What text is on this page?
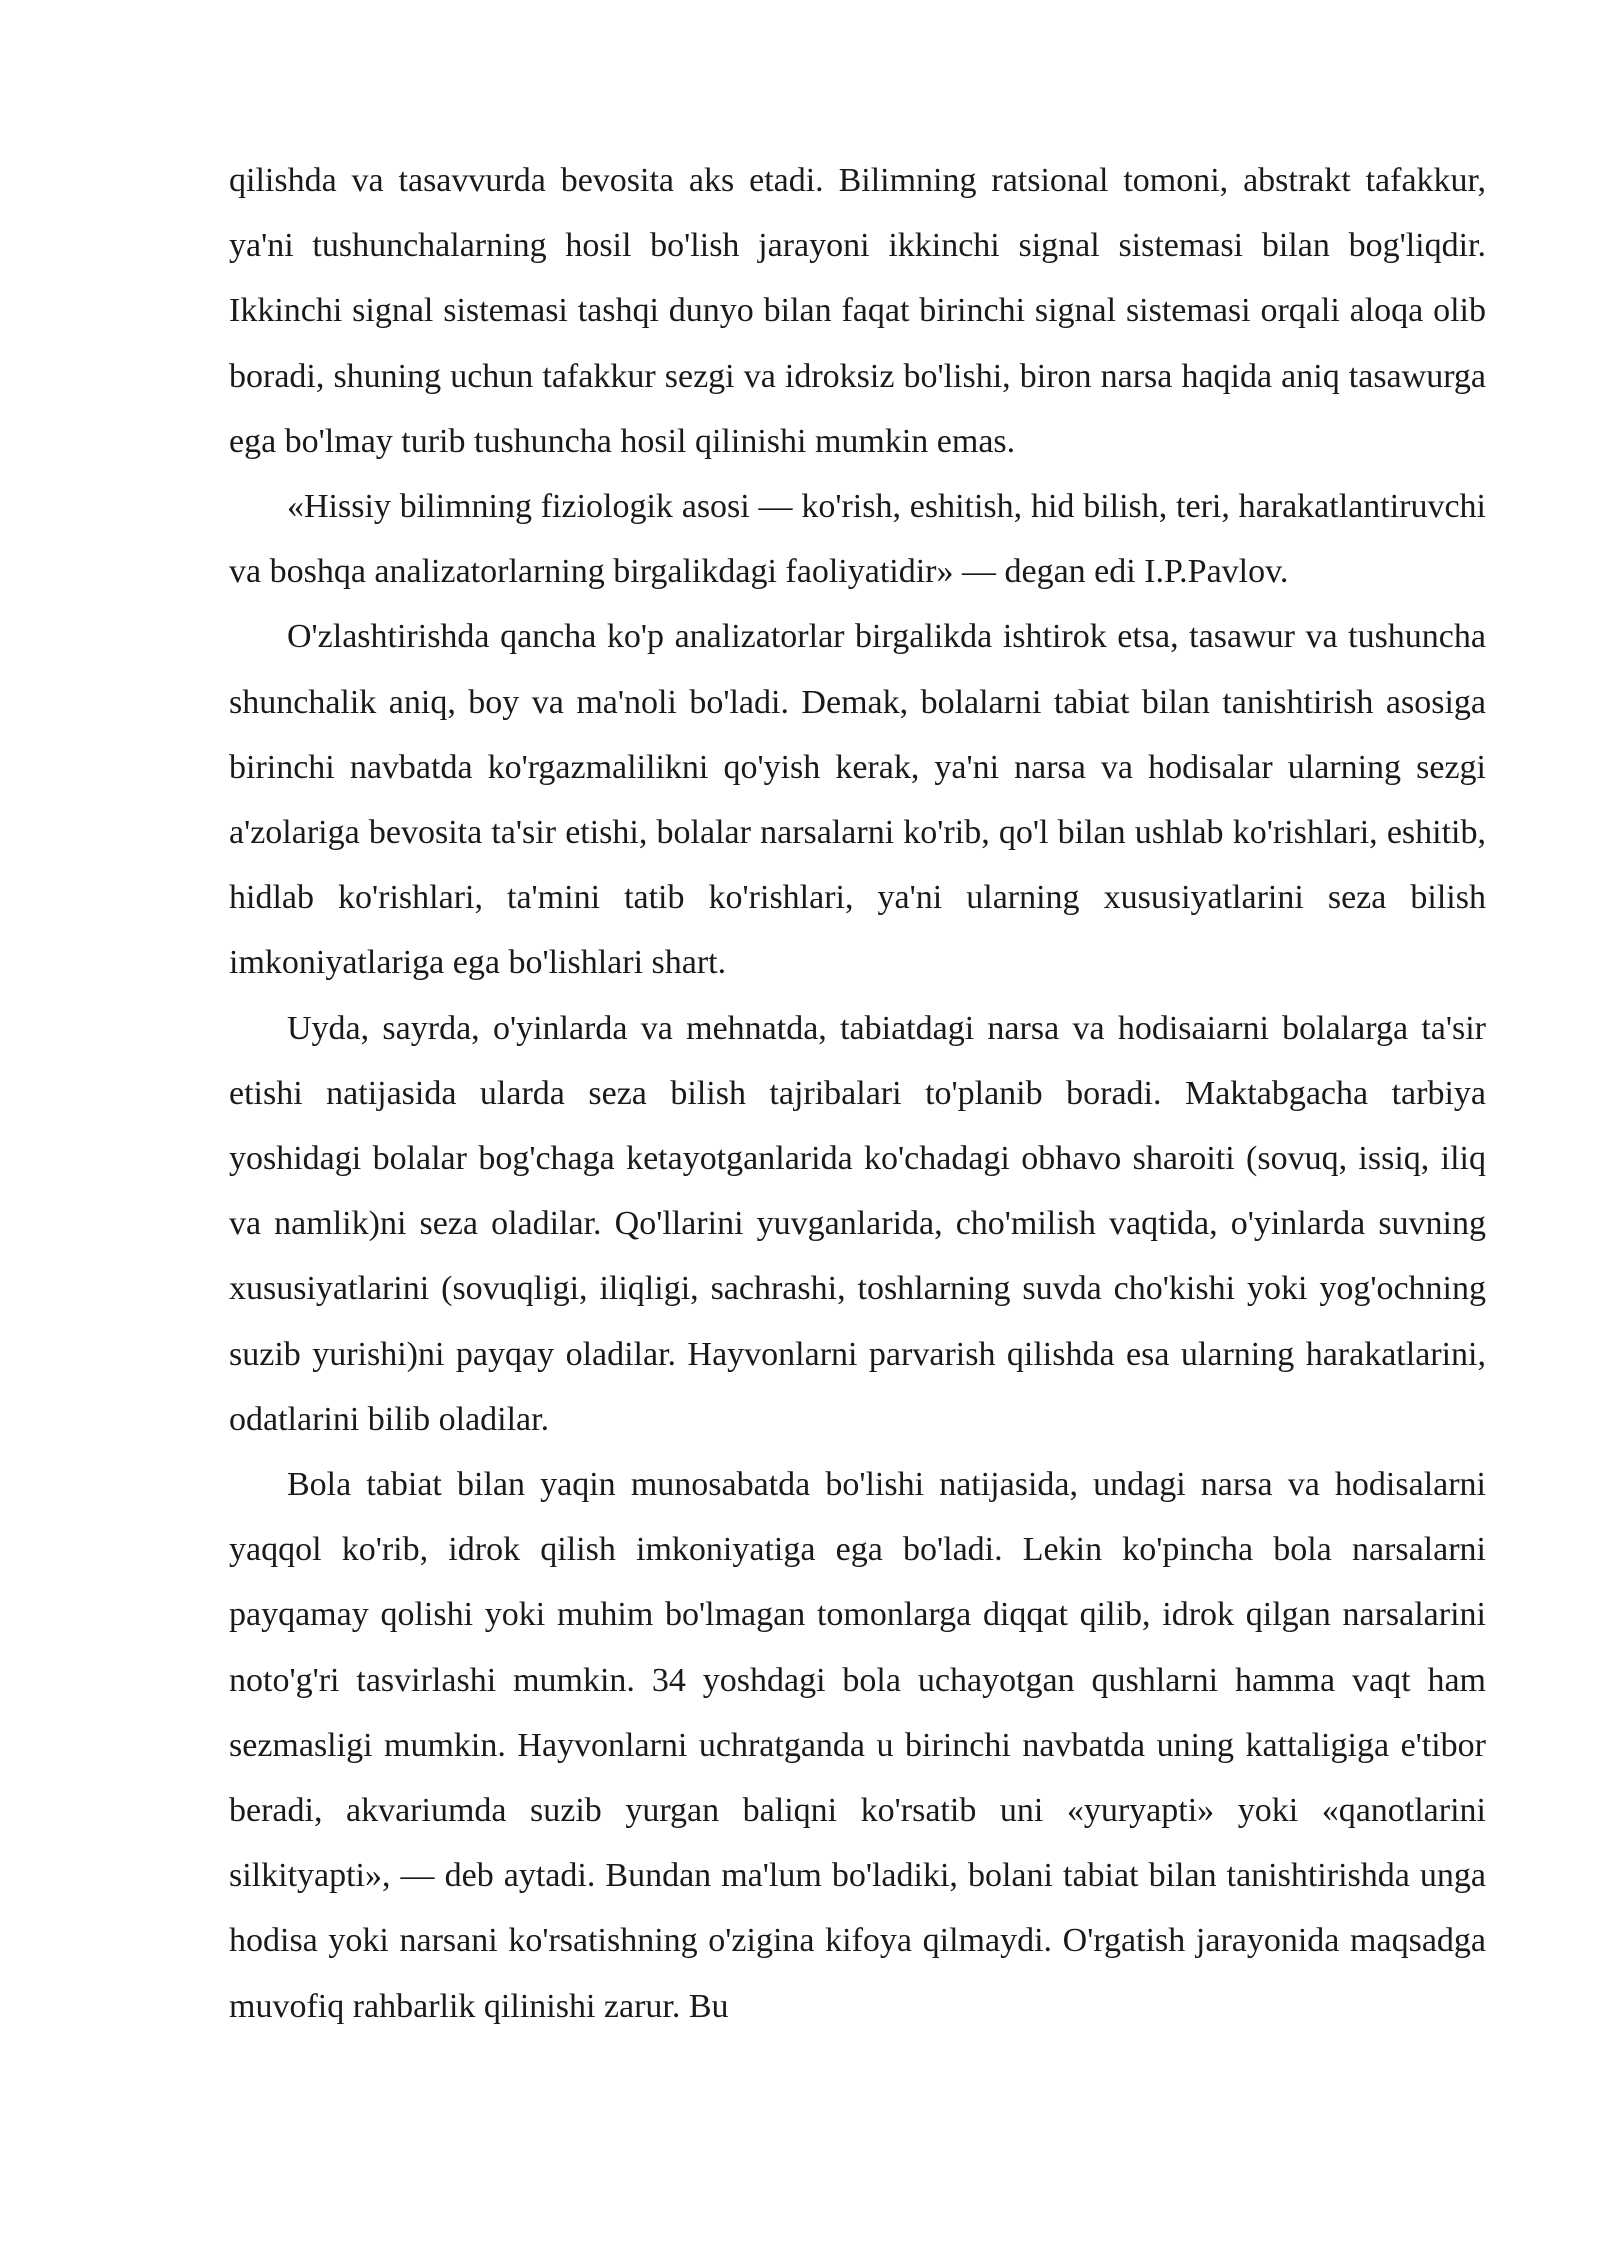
qilishda va tasavvurda bevosita aks etadi. Bilimning ratsional tomoni, abstrakt tafakkur, ya'ni tushunchalarning hosil bo'lish jarayoni ikkinchi signal sistemasi bilan bog'liqdir. Ikkinchi signal sistemasi tashqi dunyo bilan faqat birinchi signal sistemasi orqali aloqa olib boradi, shuning uchun tafakkur sezgi va idroksiz bo'lishi, biron narsa haqida aniq tasawurga ega bo'lmay turib tushuncha hosil qilinishi mumkin emas.

«Hissiy bilimning fiziologik asosi — ko'rish, eshitish, hid bilish, teri, harakatlantiruvchi va boshqa analizatorlarning birgalikdagi faoliyatidir» — degan edi I.P.Pavlov.

O'zlashtirishda qancha ko'p analizatorlar birgalikda ishtirok etsa, tasawur va tushuncha shunchalik aniq, boy va ma'noli bo'ladi. Demak, bolalarni tabiat bilan tanishtirish asosiga birinchi navbatda ko'rgazmalilikni qo'yish kerak, ya'ni narsa va hodisalar ularning sezgi a'zolariga bevosita ta'sir etishi, bolalar narsalarni ko'rib, qo'l bilan ushlab ko'rishlari, eshitib, hidlab ko'rishlari, ta'mini tatib ko'rishlari, ya'ni ularning xususiyatlarini seza bilish imkoniyatlariga ega bo'lishlari shart.

Uyda, sayrda, o'yinlarda va mehnatda, tabiatdagi narsa va hodisaiarni bolalarga ta'sir etishi natijasida ularda seza bilish tajribalari to'planib boradi. Maktabgacha tarbiya yoshidagi bolalar bog'chaga ketayotganlarida ko'chadagi obhavo sharoiti (sovuq, issiq, iliq va namlik)ni seza oladilar. Qo'llarini yuvganlarida, cho'milish vaqtida, o'yinlarda suvning xususiyatlarini (sovuqligi, iliqligi, sachrashi, toshlarning suvda cho'kishi yoki yog'ochning suzib yurishi)ni payqay oladilar. Hayvonlarni parvarish qilishda esa ularning harakatlarini, odatlarini bilib oladilar.

Bola tabiat bilan yaqin munosabatda bo'lishi natijasida, undagi narsa va hodisalarni yaqqol ko'rib, idrok qilish imkoniyatiga ega bo'ladi. Lekin ko'pincha bola narsalarni payqamay qolishi yoki muhim bo'lmagan tomonlarga diqqat qilib, idrok qilgan narsalarini noto'g'ri tasvirlashi mumkin. 34 yoshdagi bola uchayotgan qushlarni hamma vaqt ham sezmasligi mumkin. Hayvonlarni uchratganda u birinchi navbatda uning kattaligiga e'tibor beradi, akvariumda suzib yurgan baliqni ko'rsatib uni «yuryapti» yoki «qanotlarini silkityapti», — deb aytadi. Bundan ma'lum bo'ladiki, bolani tabiat bilan tanishtirishda unga hodisa yoki narsani ko'rsatishning o'zigina kifoya qilmaydi. O'rgatish jarayonida maqsadga muvofiq rahbarlik qilinishi zarur. Bu
